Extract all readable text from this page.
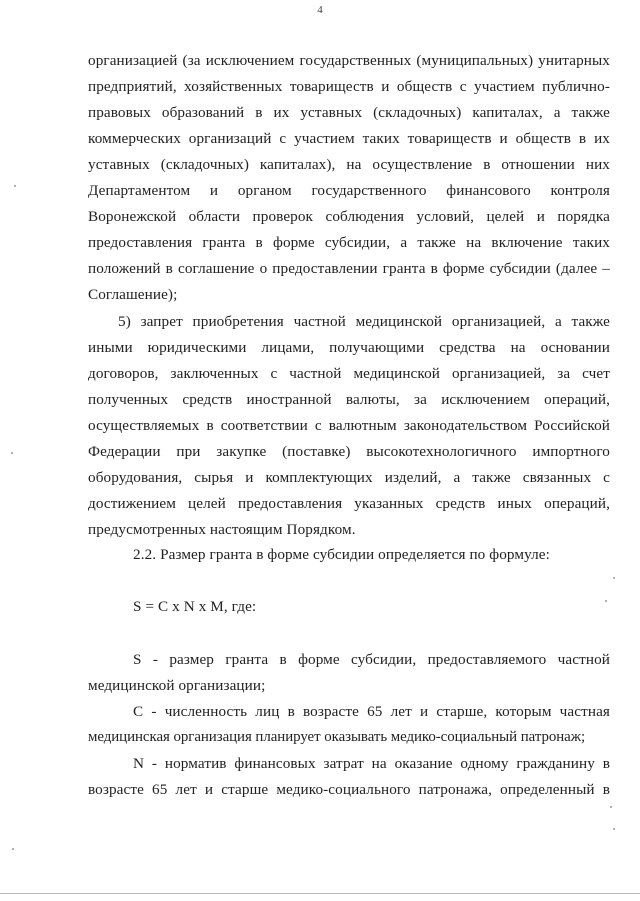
4
организацией (за исключением государственных (муниципальных) унитарных
предприятий, хозяйственных товариществ и обществ с участием публично-
правовых образований в их уставных (складочных) капиталах, а также
коммерческих организаций с участием таких товариществ и обществ в их
уставных (складочных) капиталах), на осуществление в отношении них
Департаментом и органом государственного финансового контроля
Воронежской области проверок соблюдения условий, целей и порядка
предоставления гранта в форме субсидии, а также на включение таких
положений в соглашение о предоставлении гранта в форме субсидии (далее –
Соглашение);
5) запрет приобретения частной медицинской организацией, а также
иными юридическими лицами, получающими средства на основании
договоров, заключенных с частной медицинской организацией, за счет
полученных средств иностранной валюты, за исключением операций,
осуществляемых в соответствии с валютным законодательством Российской
Федерации при закупке (поставке) высокотехнологичного импортного
оборудования, сырья и комплектующих изделий, а также связанных с
достижением целей предоставления указанных средств иных операций,
предусмотренных настоящим Порядком.
2.2. Размер гранта в форме субсидии определяется по формуле:
S = C x N x M, где:
S - размер гранта в форме субсидии, предоставляемого частной
медицинской организации;
C - численность лиц в возрасте 65 лет и старше, которым частная
медицинская организация планирует оказывать медико-социальный патронаж;
N - норматив финансовых затрат на оказание одному гражданину в
возрасте 65 лет и старше медико-социального патронажа, определенный в
